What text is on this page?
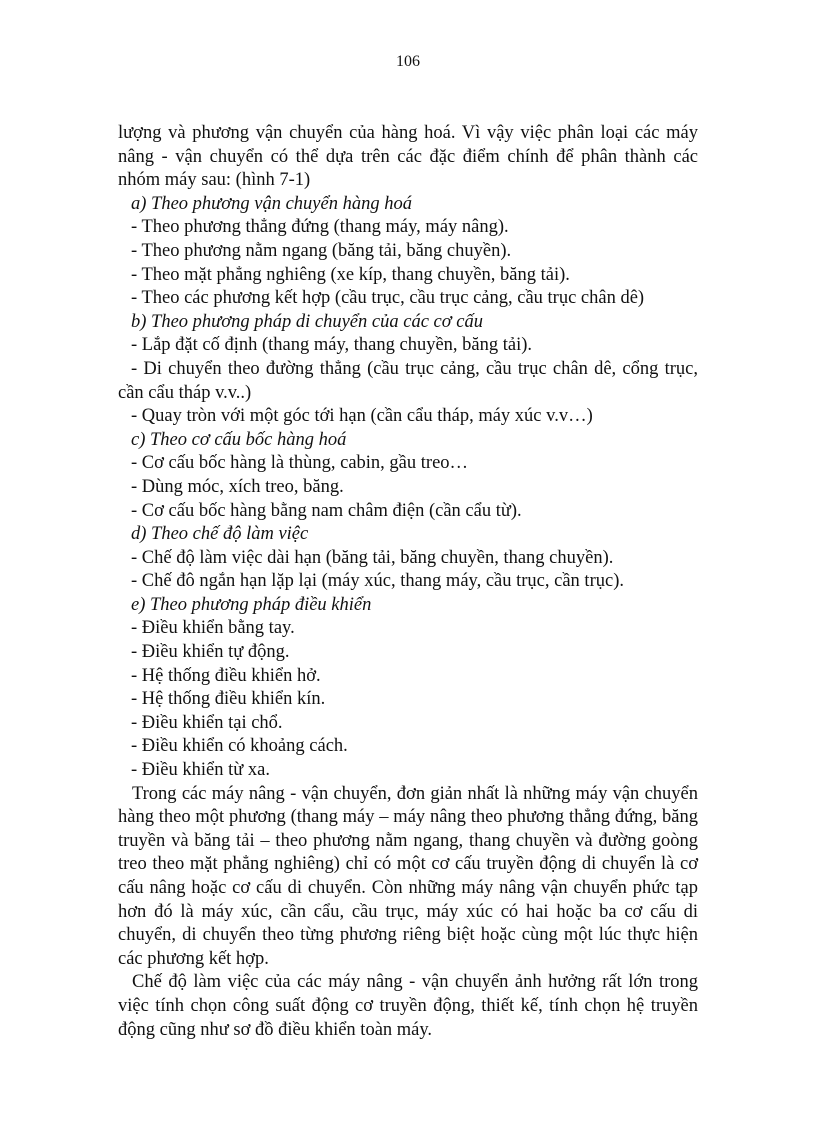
106

lượng và phương vận chuyển của hàng hoá. Vì vậy việc phân loại các máy nâng - vận chuyển có thể dựa trên các đặc điểm chính để phân thành các nhóm máy sau: (hình 7-1)

a) Theo phương vận chuyển hàng hoá
- Theo phương thẳng đứng (thang máy, máy nâng).
- Theo phương nằm ngang (băng tải, băng chuyền).
- Theo mặt phẳng nghiêng (xe kíp, thang chuyền, băng tải).
- Theo các phương kết hợp (cầu trục, cầu trục cảng, cầu trục chân dê)
b) Theo phương pháp di chuyển của các cơ cấu
- Lắp đặt cố định (thang máy, thang chuyền, băng tải).
- Di chuyển theo đường thẳng (cầu trục cảng, cầu trục chân dê, cổng trục, cần cẩu tháp v.v..)
- Quay tròn với một góc tới hạn (cần cẩu tháp, máy xúc v.v…)
c) Theo cơ cấu bốc hàng hoá
- Cơ cấu bốc hàng là thùng, cabin, gầu treo…
- Dùng móc, xích treo, băng.
- Cơ cấu bốc hàng bằng nam châm điện (cần cẩu từ).
d) Theo chế độ làm việc
- Chế độ làm việc dài hạn (băng tải, băng chuyền, thang chuyền).
- Chế đô ngắn hạn lặp lại (máy xúc, thang máy, cầu trục, cần trục).
e) Theo phương pháp điều khiển
- Điều khiển bằng tay.
- Điều khiển tự động.
- Hệ thống điều khiển hở.
- Hệ thống điều khiển kín.
- Điều khiển tại chổ.
- Điều khiển có khoảng cách.
- Điều khiển từ xa.

Trong các máy nâng - vận chuyển, đơn giản nhất là những máy vận chuyển hàng theo một phương (thang máy – máy nâng theo phương thẳng đứng, băng truyền và băng tải – theo phương nằm ngang, thang chuyền và đường goòng treo theo mặt phẳng nghiêng) chỉ có một cơ cấu truyền động di chuyển là cơ cấu nâng hoặc cơ cấu di chuyển. Còn những máy nâng vận chuyển phức tạp hơn đó là máy xúc, cần cẩu, cầu trục, máy xúc có hai hoặc ba cơ cấu di chuyển, di chuyển theo từng phương riêng biệt hoặc cùng một lúc thực hiện các phương kết hợp.

Chế độ làm việc của các máy nâng - vận chuyển ảnh hưởng rất lớn trong việc tính chọn công suất động cơ truyền động, thiết kế, tính chọn hệ truyền động cũng như sơ đồ điều khiển toàn máy.
